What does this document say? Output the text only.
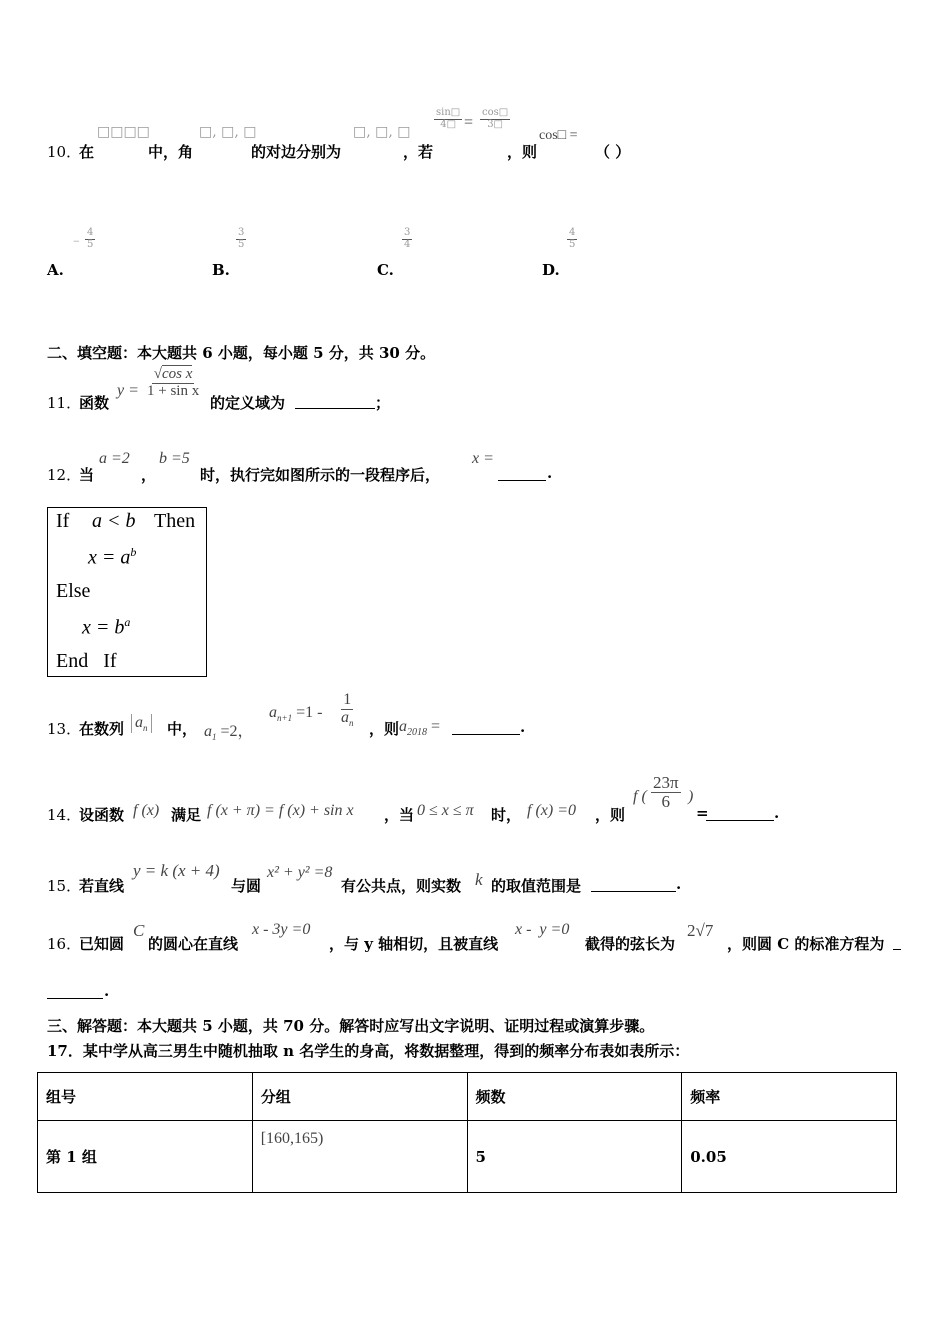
10．
在
□□□□
中，角
□, □, □
的对边分别为
□, □, □
，若
$\frac{\sin□}{4□} = \frac{\cos□}{3□}$
，则
cos□ =
（ ）
− $\frac{4}{5}$
A.
$\frac{3}{5}$
B.
$\frac{3}{4}$
C.
$\frac{4}{5}$
D.
二、填空题：本大题共 6 小题，每小题 5 分，共 30 分。
11．
函数
$y = \frac{\text{√cos x}}{\text{1 + sin x}}$
的定义域为	；
12．
当
a =2
，
b =5
时，执行完如图所示的一段程序后，
x =
.
If a < b Then
$x = a^b$
Else
$x = b^a$
End   If
13．
在数列 $a_n$ 中， $a_1 =2$，
$a_{n+1} =1 - \frac{1}{a_n}$
，则 $a_{2018}$ =	.
14．
设函数 f (x) 满足 f (x + π) = f (x) + sin x ，当 0 ≤ x ≤ π 时， f (x) =0 ，则
f ( $\frac{23\pi}{6}$ )
=	.
15．
若直线
y = k (x + 4)
与圆
x² + y² =8
有公共点，则实数 k 的取值范围是	.
16．
已知圆
C
的圆心在直线
x - 3y =0
，与 y 轴相切，且被直线
x -  y =0
截得的弦长为
2√7
，则圆 C 的标准方程为
.
三、解答题：本大题共 5 小题，共 70 分。解答时应写出文字说明、证明过程或演算步骤。
17．某中学从高三男生中随机抽取 n 名学生的身高，将数据整理，得到的频率分布表如表所示：
组号	分组	频数	频率
第 1 组	[160,165)	5	0.05
